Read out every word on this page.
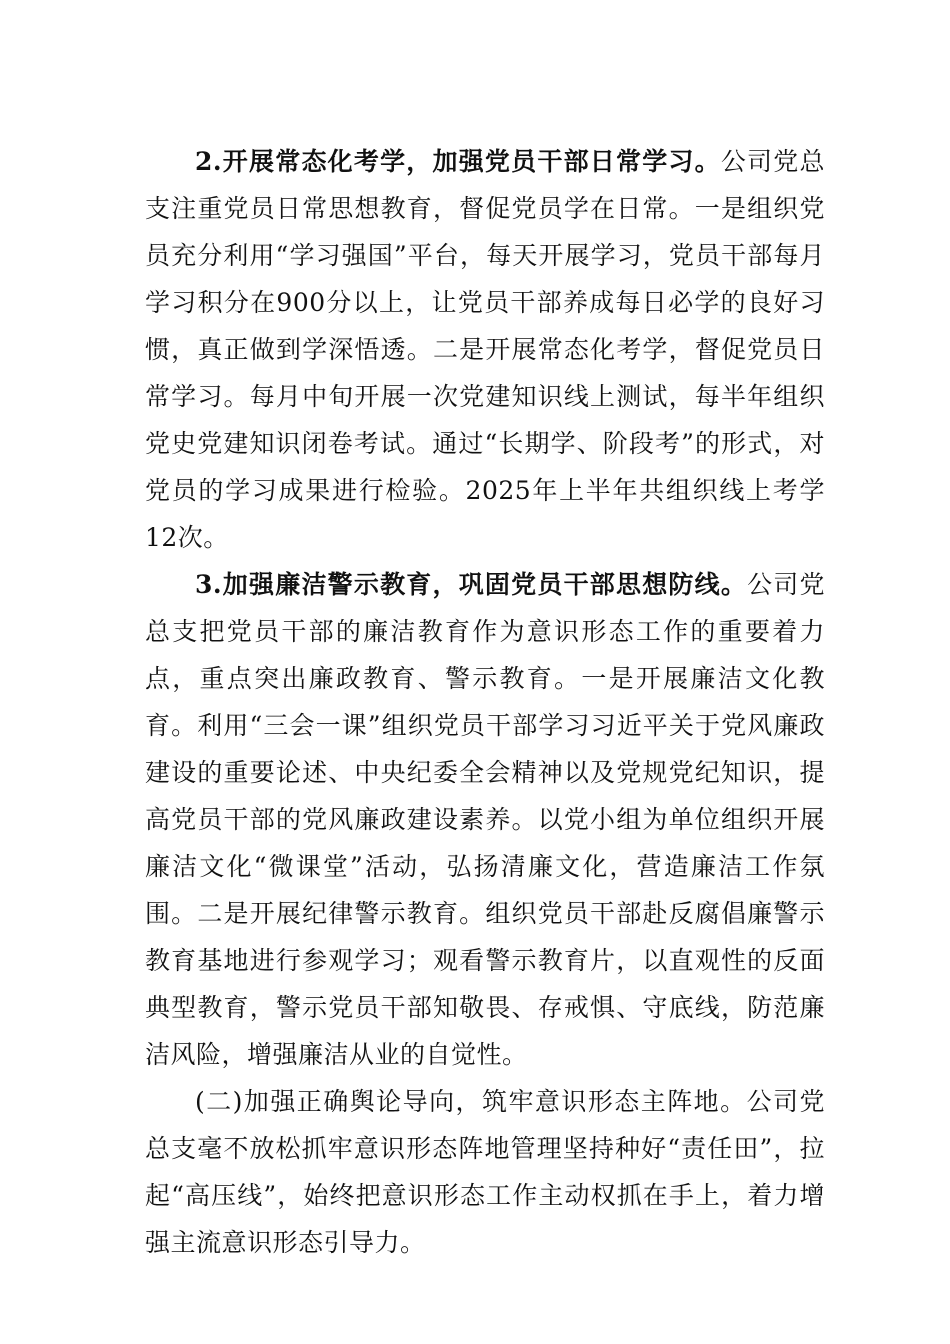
2.开展常态化考学，加强党员干部日常学习。公司党总支注重党员日常思想教育，督促党员学在日常。一是组织党员充分利用“学习强国”平台，每天开展学习，党员干部每月学习积分在900分以上，让党员干部养成每日必学的良好习惯，真正做到学深悟透。二是开展常态化考学，督促党员日常学习。每月中旬开展一次党建知识线上测试，每半年组织党史党建知识闭卷考试。通过“长期学、阶段考”的形式，对党员的学习成果进行检验。2025年上半年共组织线上考学12次。

3.加强廉洁警示教育，巩固党员干部思想防线。公司党总支把党员干部的廉洁教育作为意识形态工作的重要着力点，重点突出廉政教育、警示教育。一是开展廉洁文化教育。利用“三会一课”组织党员干部学习习近平关于党风廉政建设的重要论述、中央纪委全会精神以及党规党纪知识，提高党员干部的党风廉政建设素养。以党小组为单位组织开展廉洁文化“微课堂”活动，弘扬清廉文化，营造廉洁工作氛围。二是开展纪律警示教育。组织党员干部赴反腐倡廉警示教育基地进行参观学习；观看警示教育片，以直观性的反面典型教育，警示党员干部知敬畏、存戒惧、守底线，防范廉洁风险，增强廉洁从业的自觉性。

(二)加强正确舆论导向，筑牢意识形态主阵地。公司党总支毫不放松抓牢意识形态阵地管理坚持种好“责任田”，拉起“高压线”，始终把意识形态工作主动权抓在手上，着力增强主流意识形态引导力。
